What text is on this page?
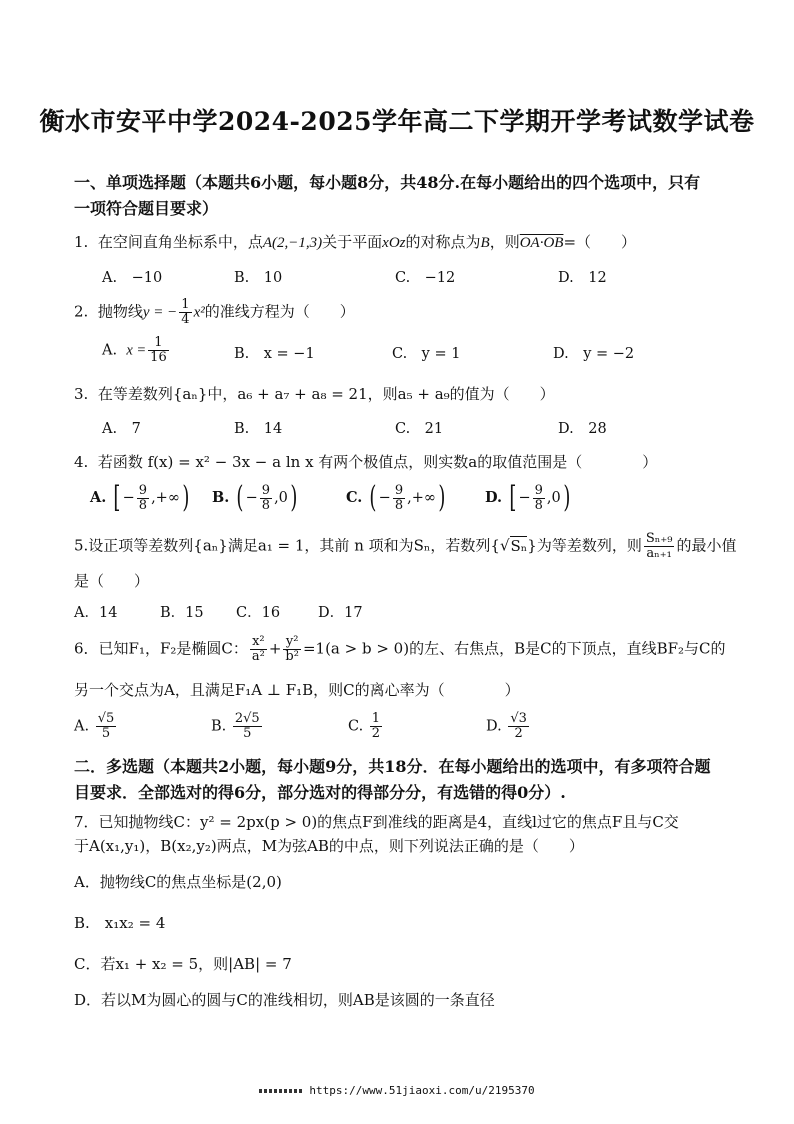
衡水市安平中学2024-2025学年高二下学期开学考试数学试卷
一、单项选择题（本题共6小题，每小题8分，共48分.在每小题给出的四个选项中，只有
一项符合题目要求）
1. 在空间直角坐标系中，点A(2,−1,3)关于平面xOz的对称点为B，则OA·OB=（　　）
A.　−10	B.　10	C.　−12	D.　12
2. 抛物线y = − $\frac{1}{4} x^2$的准线方程为（　　）
A. $x = \frac{1}{16}$	B.　x = −1	C.　y = 1	D.　y = −2
3. 在等差数列{aₙ}中，a₆ + a₇ + a₈ = 21，则a₅ + a₉的值为（　　）
A.　7	B.　14	C.　21	D.　28
4. 若函数 f(x) = x² − 3x − a ln x 有两个极值点，则实数a的取值范围是（　　　　）
A. [ − $\frac{9}{8}$ ,+∞) B. ( − $\frac{9}{8} ,0$)	C. ( − $\frac{9}{8}$ ,+∞)	D. [ − $\frac{9}{8} ,0$)
5.设正项等差数列{aₙ}满足a₁ = 1，其前 n 项和为Sₙ，若数列{√Sₙ}为等差数列，则 $\frac{\text{Sₙ₊₉}}{\text{aₙ₊₁}}$ 的最小值
是（　　）
A．14	B．15 C．16	D．17
6．已知F₁，F₂是椭圆C： $\frac{\text{x²}}{\text{a²}} + \frac{\text{y²}}{\text{b²}} =1(a > b > 0)$的左、右焦点，B是C的下顶点，直线BF₂与C的
另一个交点为A，且满足F₁A ⊥ F₁B，则C的离心率为（　　　　）
A. $\frac{√5}{5}$	B. $\frac{2√5}{5}$	C. $\frac{1}{2}$	D. $\frac{√3}{2}$
二．多选题（本题共2小题，每小题9分，共18分．在每小题给出的选项中，有多项符合题
目要求．全部选对的得6分，部分选对的得部分分，有选错的得0分）.
7．已知抛物线C：y² = 2px(p > 0)的焦点F到准线的距离是4，直线l过它的焦点F且与C交
于A(x₁,y₁)，B(x₂,y₂)两点，M为弦AB的中点，则下列说法正确的是（　　）
A．抛物线C的焦点坐标是(2,0)
B.　x₁x₂ = 4
C．若x₁ + x₂ = 5，则|AB| = 7
D．若以M为圆心的圆与C的准线相切，则AB是该圆的一条直径
https://www.51jiaoxi.com/u/2195370
